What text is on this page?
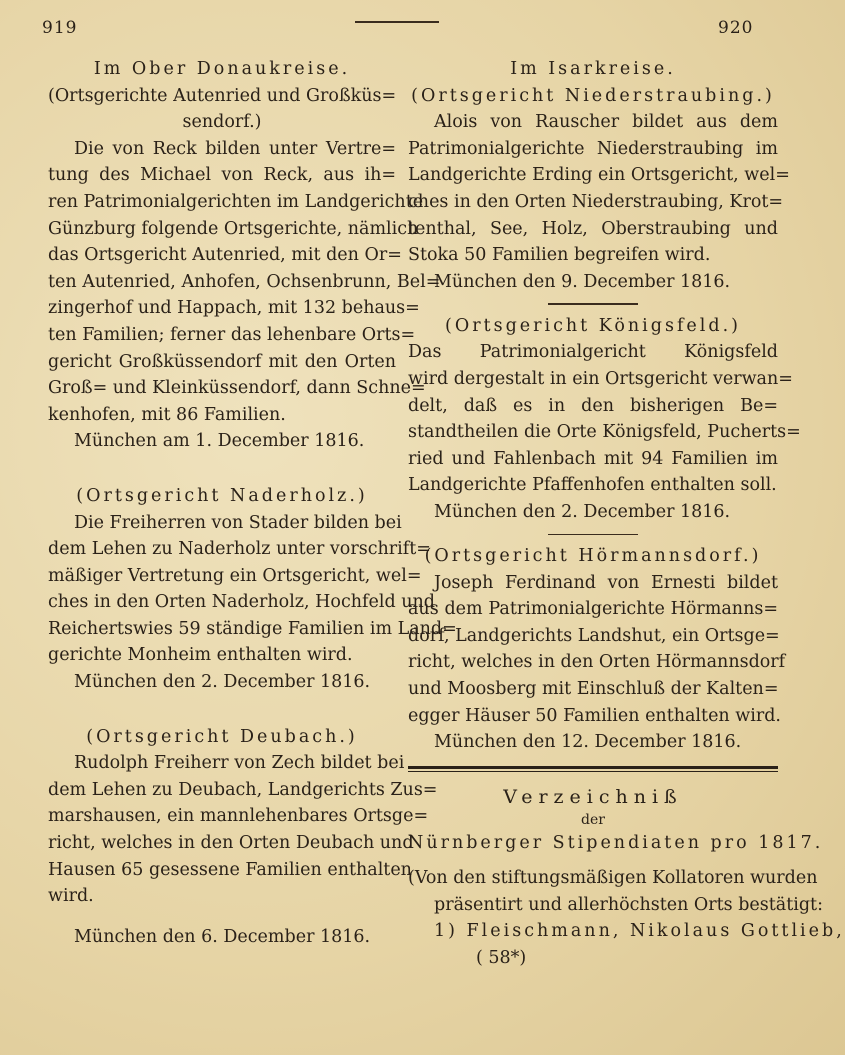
919	920
Im Ober Donaukreise.
(Ortsgerichte Autenried und Großküs=
sendorf.)
Die von Reck bilden unter Vertre=
tung des Michael von Reck, aus ih=
ren Patrimonialgerichten im Landgerichte
Günzburg folgende Ortsgerichte, nämlich
das Ortsgericht Autenried, mit den Or=
ten Autenried, Anhofen, Ochsenbrunn, Bel=
zingerhof und Happach, mit 132 behaus=
ten Familien; ferner das lehenbare Orts=
gericht Großküssendorf mit den Orten
Groß= und Kleinküssendorf, dann Schne=
kenhofen, mit 86 Familien.
München am 1. December 1816.
(Ortsgericht Naderholz.)
Die Freiherren von Stader bilden bei
dem Lehen zu Naderholz unter vorschrift=
mäßiger Vertretung ein Ortsgericht, wel=
ches in den Orten Naderholz, Hochfeld und
Reichertswies 59 ständige Familien im Land=
gerichte Monheim enthalten wird.
München den 2. December 1816.
(Ortsgericht Deubach.)
Rudolph Freiherr von Zech bildet bei
dem Lehen zu Deubach, Landgerichts Zus=
marshausen, ein mannlehenbares Ortsge=
richt, welches in den Orten Deubach und
Hausen 65 gesessene Familien enthalten
wird.
München den 6. December 1816.
Im Isarkreise.
(Ortsgericht Niederstraubing.)
Alois von Rauscher bildet aus dem
Patrimonialgerichte Niederstraubing im
Landgerichte Erding ein Ortsgericht, wel=
ches in den Orten Niederstraubing, Krot=
tenthal, See, Holz, Oberstraubing und
Stoka 50 Familien begreifen wird.
München den 9. December 1816.
(Ortsgericht Königsfeld.)
Das Patrimonialgericht Königsfeld
wird dergestalt in ein Ortsgericht verwan=
delt, daß es in den bisherigen Be=
standtheilen die Orte Königsfeld, Pucherts=
ried und Fahlenbach mit 94 Familien im
Landgerichte Pfaffenhofen enthalten soll.
München den 2. December 1816.
(Ortsgericht Hörmannsdorf.)
Joseph Ferdinand von Ernesti bildet
aus dem Patrimonialgerichte Hörmanns=
dorf, Landgerichts Landshut, ein Ortsge=
richt, welches in den Orten Hörmannsdorf
und Moosberg mit Einschluß der Kalten=
egger Häuser 50 Familien enthalten wird.
München den 12. December 1816.
Verzeichniß
der
Nürnberger Stipendiaten pro 1817.
(Von den stiftungsmäßigen Kollatoren wurden
präsentirt und allerhöchsten Orts bestätigt:
1) Fleischmann, Nikolaus Gottlieb,
( 58*)
